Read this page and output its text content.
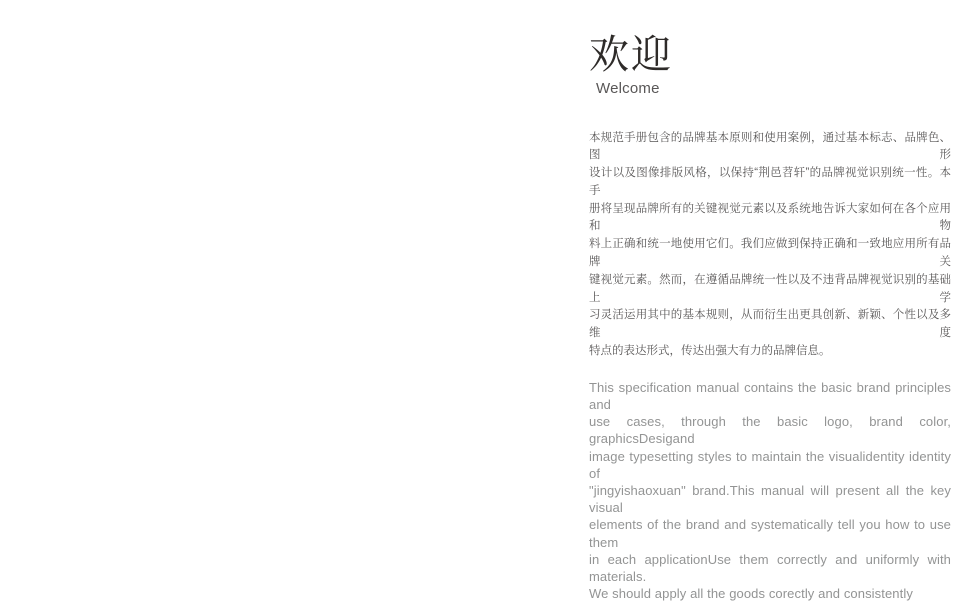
欢迎
Welcome
本规范手册包含的品牌基本原则和使用案例，通过基本标志、品牌色、图形
设计以及图像排版风格，以保持“荆邑苕轩”的品牌视觉识别统一性。本手
册将呈现品牌所有的关键视觉元素以及系统地告诉大家如何在各个应用和物
料上正确和统一地使用它们。我们应做到保持正确和一致地应用所有品牌关
键视觉元素。然而，在遵循品牌统一性以及不违背品牌视觉识别的基础上学
习灵活运用其中的基本规则，从而衍生出更具创新、新颖、个性以及多维度
特点的表达形式，传达出强大有力的品牌信息。
This specification manual contains the basic brand principles and
use cases, through the basic logo, brand color, graphicsDesigand
image typesetting styles to maintain the visualidentity identity of
"jingyishaoxuan" brand.This manual will present all the key visual
elements of the brand and systematically tell you how to use them
in each applicationUse them correctly and uniformly with materials.
We should apply all the goods corectly and consistently
